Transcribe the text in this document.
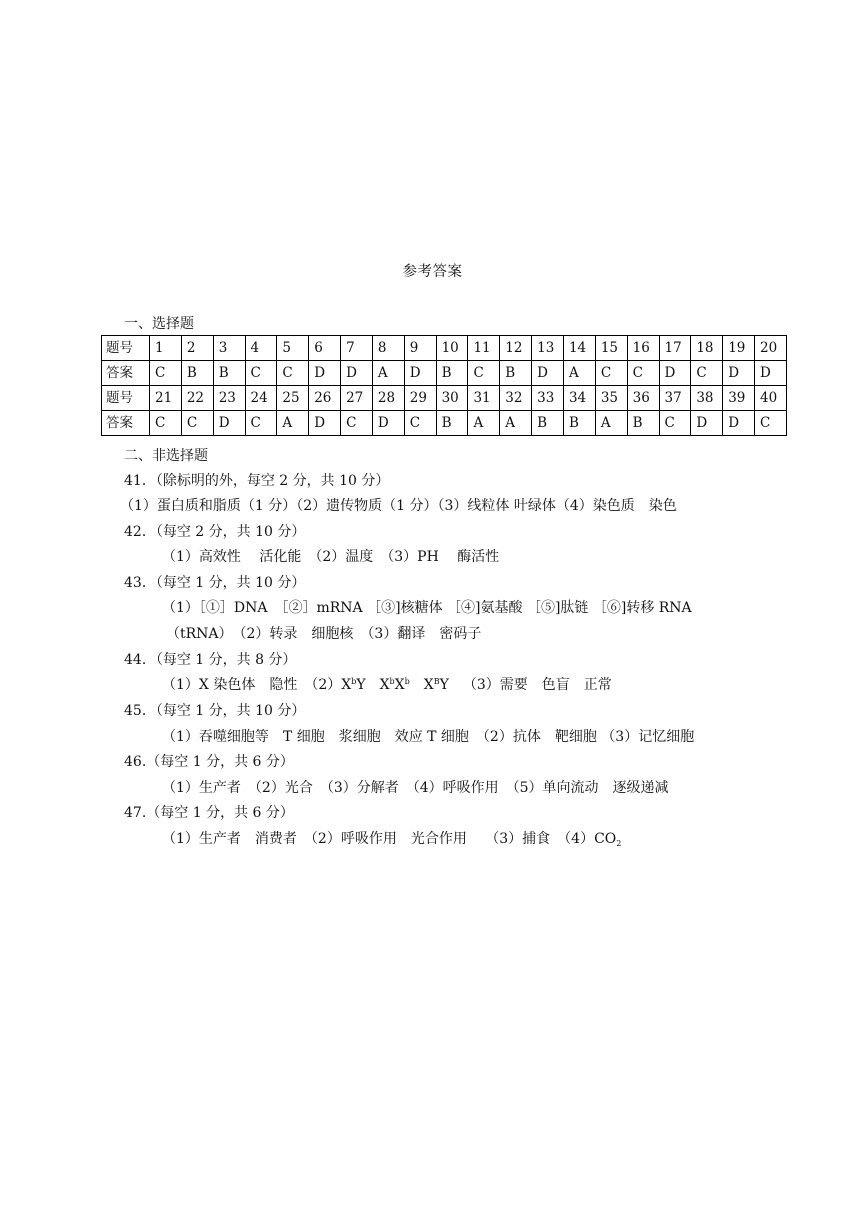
参考答案
一、选择题
题号	1	2	3	4	5	6	7	8	9	10	11	12	13	14	15	16	17	18	19	20
答案	C	B	B	C	C	D	D	A	D	B	C	B	D	A	C	C	D	C	D	D
题号	21	22	23	24	25	26	27	28	29	30	31	32	33	34	35	36	37	38	39	40
答案	C	C	D	C	A	D	C	D	C	B	A	A	B	B	A	B	C	D	D	C
二、非选择题
41．（除标明的外，每空 2 分，共 10 分）
（1）蛋白质和脂质（1 分）（2）遗传物质（1 分）（3）线粒体 叶绿体（4）染色质　染色
42．（每空 2 分，共 10 分）
（1）高效性　 活化能　（2）温度　（3）PH　 酶活性
43．（每空 1 分，共 10 分）
（1）［①］DNA　［②］mRNA ［③]核糖体 ［④]氨基酸 ［⑤]肽链 ［⑥]转移 RNA
（tRNA）　（2）转录　细胞核　（3）翻译　密码子
44．（每空 1 分，共 8 分）
（1）X 染色体　隐性　$(2)X^bY$ $X^bX^b$ $X^BY$ （3）需要　色盲　正常
45．（每空 1 分，共 10 分）
（1）吞噬细胞等　T 细胞　浆细胞　效应 T 细胞　（2）抗体　靶细胞 （3）记忆细胞
46.（每空 1 分，共 6 分）
（1）生产者　（2）光合　（3）分解者　（4）呼吸作用　（5）单向流动　逐级递减
47.（每空 1 分，共 6 分）
（1）生产者　消费者　（2）呼吸作用　光合作用　 （3）捕食　$(4)CO_2$
